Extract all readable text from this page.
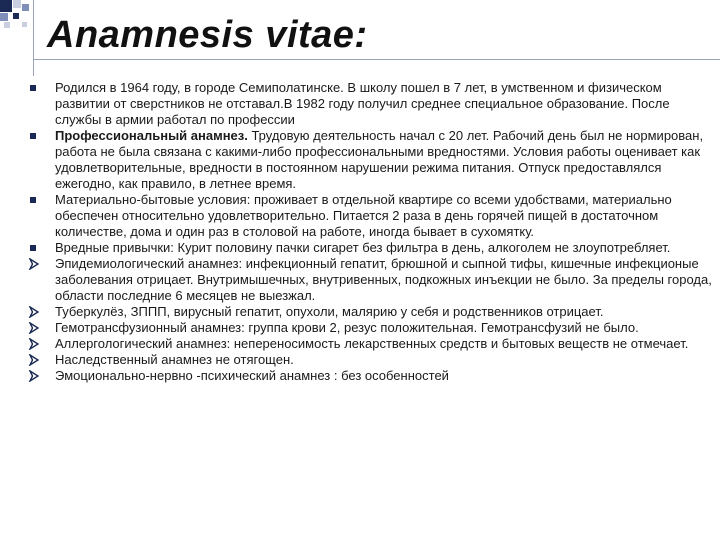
Anamnesis vitae:
Родился в 1964 году, в городе Семиполатинске. В школу пошел в 7 лет, в умственном и физическом развитии от сверстников не отставал.В 1982 году получил среднее специальное образование. После службы в армии работал по профессии
Профессиональный анамнез. Трудовую деятельность начал с 20 лет. Рабочий день был не нормирован, работа не была связана с какими-либо профессиональными вредностями. Условия работы оценивает как удовлетворительные, вредности в постоянном нарушении режима питания. Отпуск предоставлялся ежегодно, как правило, в летнее время.
Материально-бытовые условия: проживает в отдельной квартире со всеми удобствами, материально обеспечен относительно удовлетворительно. Питается 2 раза в день горячей пищей в достаточном количестве, дома и один раз в столовой на работе, иногда бывает в сухомятку.
Вредные привычки: Курит половину пачки сигарет без фильтра в день, алкоголем не злоупотребляет.
Эпидемиологический анамнез: инфекционный гепатит, брюшной и сыпной тифы, кишечные инфекционые заболевания отрицает. Внутримышечных, внутривенных, подкожных инъекции не было. За пределы города, области последние 6 месяцев не выезжал.
Туберкулёз, ЗППП, вирусный гепатит, опухоли, малярию у себя и родственников отрицает.
Гемотрансфузионный анамнез: группа крови 2, резус положительная. Гемотрансфузий не было.
Аллергологический анамнез: непереносимость лекарственных средств и бытовых веществ не отмечает.
Наследственный анамнез не отягощен.
Эмоционально-нервно -психический анамнез : без особенностей
